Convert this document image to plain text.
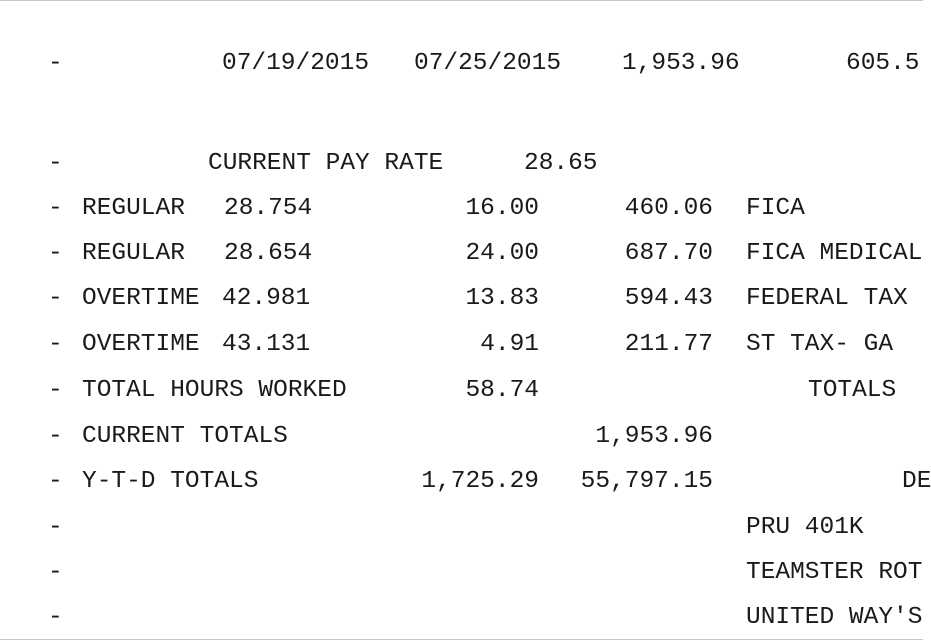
-	07/19/2015 07/25/2015 1,953.96	605.5
-	CURRENT PAY RATE	28.65
- REGULAR 28.754	16.00	460.06 FICA
- REGULAR 28.654	24.00	687.70 FICA MEDICAL
- OVERTIME 42.981	13.83	594.43 FEDERAL TAX
- OVERTIME 43.131	4.91	211.77 ST TAX- GA
- TOTAL HOURS WORKED	58.74	TOTALS
- CURRENT TOTALS	1,953.96
- Y-T-D TOTALS	1,725.29 55,797.15	DE
-	PRU 401K
-	TEAMSTER ROT
-	UNITED WAY'S
